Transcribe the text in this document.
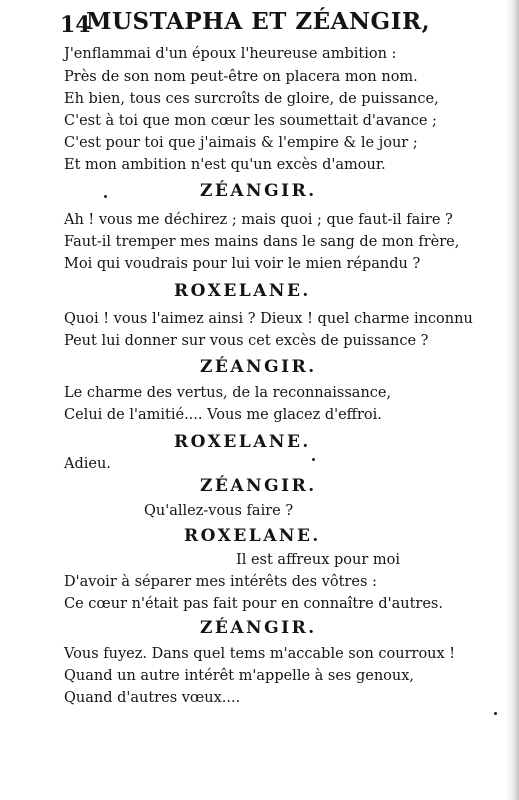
14
MUSTAPHA ET ZÉANGIR,
J'enflammai d'un époux l'heureuse ambition :
Près de son nom peut-être on placera mon nom.
Eh bien, tous ces surcroîts de gloire, de puissance,
C'est à toi que mon cœur les soumettait d'avance ;
C'est pour toi que j'aimais & l'empire & le jour ;
Et mon ambition n'est qu'un excès d'amour.
ZÉANGIR.
Ah ! vous me déchirez ; mais quoi ; que faut-il faire ?
Faut-il tremper mes mains dans le sang de mon frère,
Moi qui voudrais pour lui voir le mien répandu ?
ROXELANE.
Quoi ! vous l'aimez ainsi ? Dieux ! quel charme inconnu
Peut lui donner sur vous cet excès de puissance ?
ZÉANGIR.
Le charme des vertus, de la reconnaissance,
Celui de l'amitié.... Vous me glacez d'effroi.
ROXELANE.
Adieu.
ZÉANGIR.
Qu'allez-vous faire ?
ROXELANE.
Il est affreux pour moi
D'avoir à séparer mes intérêts des vôtres :
Ce cœur n'était pas fait pour en connaître d'autres.
ZÉANGIR.
Vous fuyez. Dans quel tems m'accable son courroux !
Quand un autre intérêt m'appelle à ses genoux,
Quand d'autres vœux....
